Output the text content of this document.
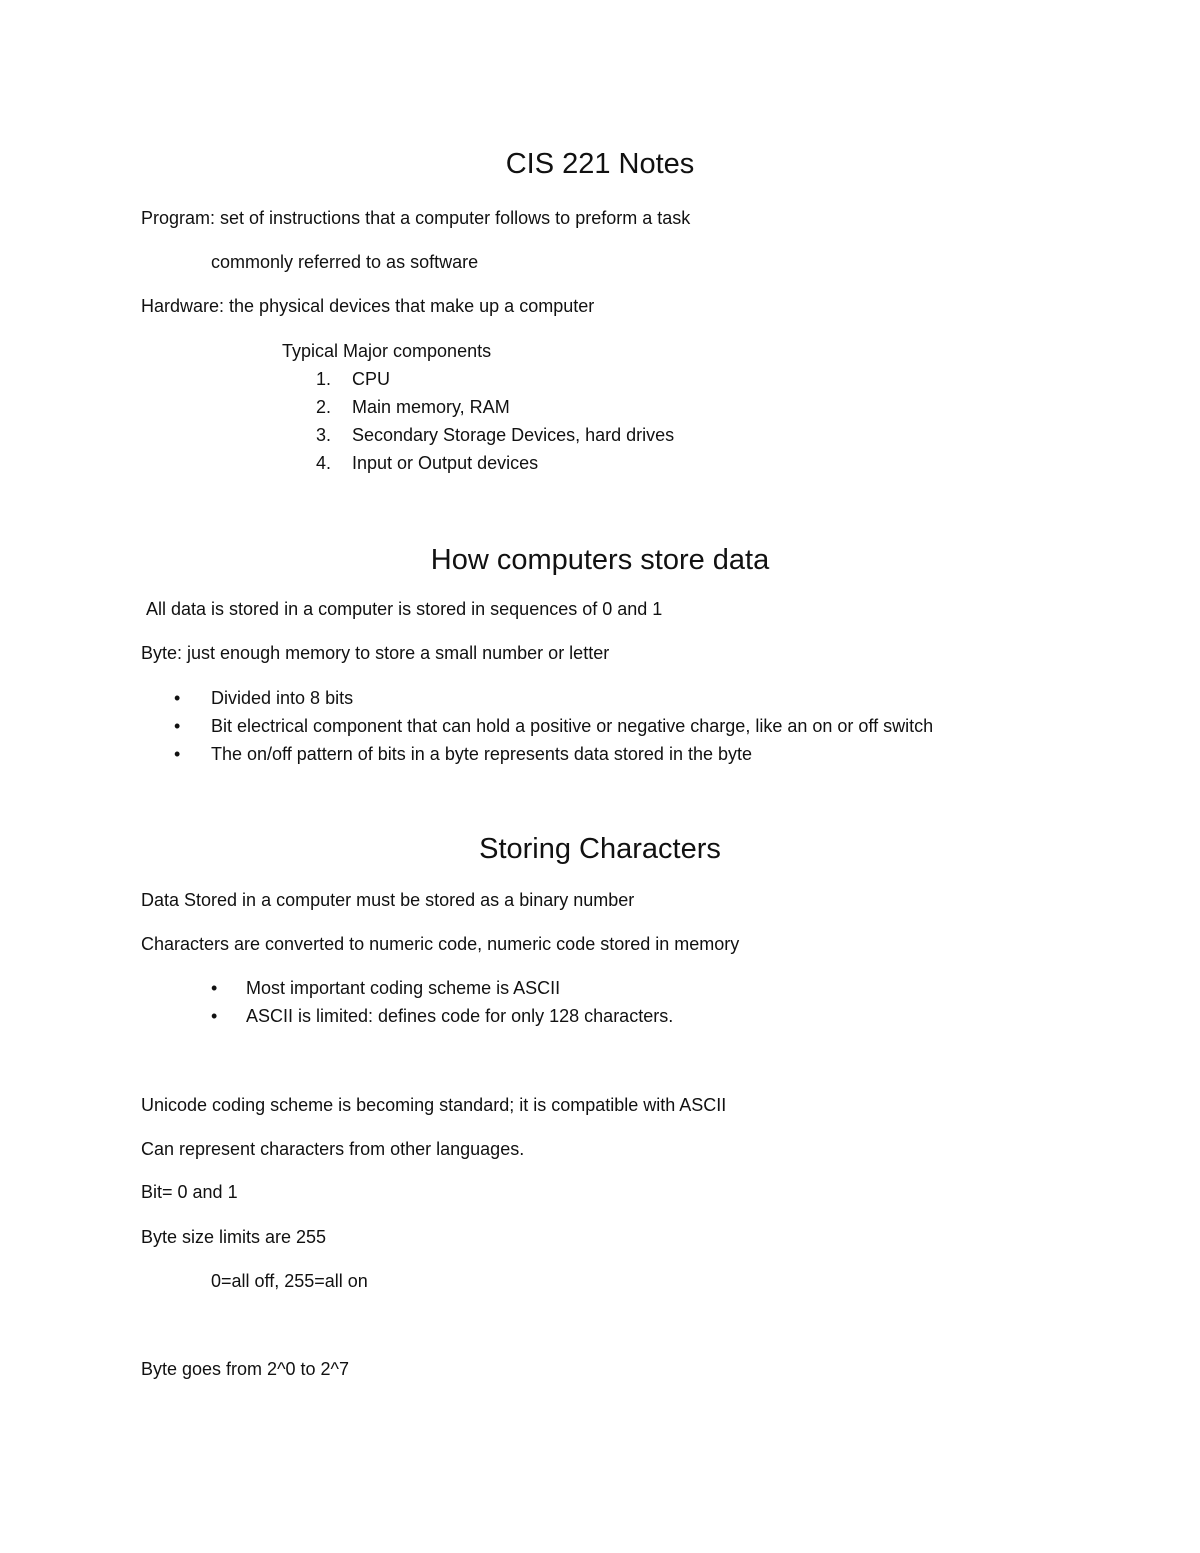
CIS 221 Notes
Program: set of instructions that a computer follows to preform a task
commonly referred to as software
Hardware: the physical devices that make up a computer
Typical Major components
1. CPU
2. Main memory, RAM
3. Secondary Storage Devices, hard drives
4. Input or Output devices
How computers store data
All data is stored in a computer is stored in sequences of 0 and 1
Byte: just enough memory to store a small number or letter
• Divided into 8 bits
• Bit electrical component that can hold a positive or negative charge, like an on or off switch
• The on/off pattern of bits in a byte represents data stored in the byte
Storing Characters
Data Stored in a computer must be stored as a binary number
Characters are converted to numeric code, numeric code stored in memory
• Most important coding scheme is ASCII
• ASCII is limited: defines code for only 128 characters.
Unicode coding scheme is becoming standard; it is compatible with ASCII
Can represent characters from other languages.
Bit= 0 and 1
Byte size limits are 255
0=all off, 255=all on
Byte goes from 2^0 to 2^7
